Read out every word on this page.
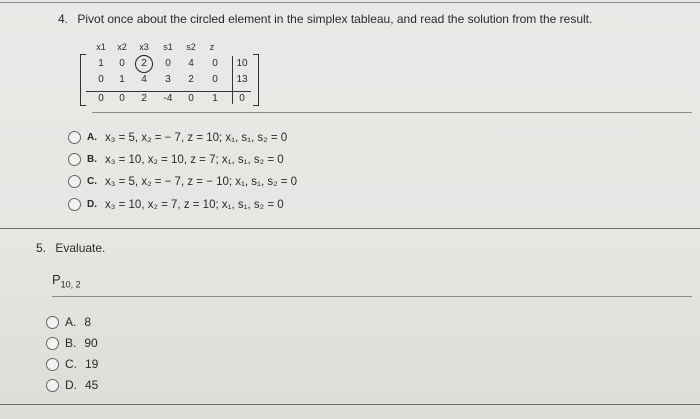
4. Pivot once about the circled element in the simplex tableau, and read the solution from the result.
x1	x2	x3	s1	s2	z
1	0	2	0	4	0	10
0	1	4	3	2	0	13
0	0	2	-4	0	1	0
A. x₃ = 5, x₂ = − 7, z = 10; x₁, s₁, s₂ = 0
B. x₃ = 10, x₂ = 10, z = 7; x₁, s₁, s₂ = 0
C. x₃ = 5, x₂ = − 7, z = − 10; x₁, s₁, s₂ = 0
D. x₃ = 10, x₂ = 7, z = 10; x₁, s₁, s₂ = 0
5. Evaluate.
$P_{10, 2}$
A. 8
B. 90
C. 19
D. 45
